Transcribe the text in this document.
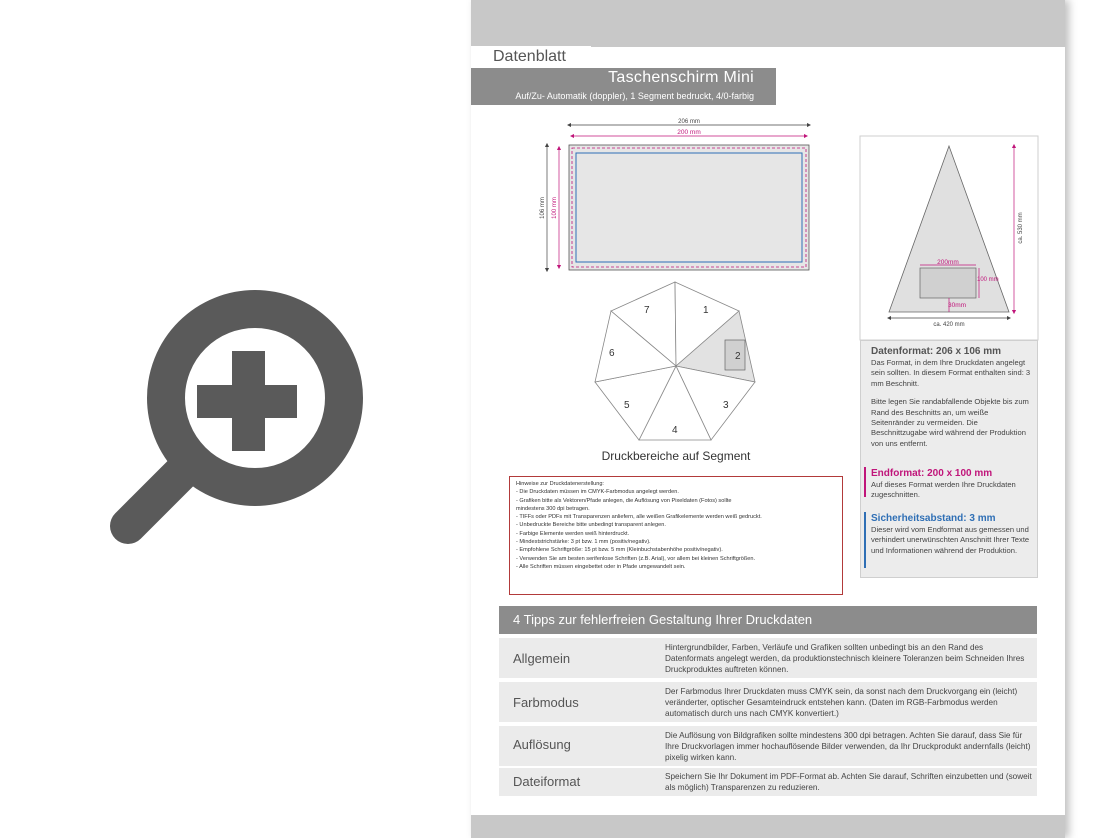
Datenblatt
Taschenschirm Mini
Auf/Zu- Automatik (doppler), 1 Segment bedruckt, 4/0-farbig
206 mm
200 mm
106 mm 100 mm
1
2
3
4
5
6
7
ca. 530 mm
ca. 420 mm
200mm
100 mm
30mm
Druckbereiche auf Segment
Hinweise zur Druckdatenerstellung:
- Die Druckdaten müssen im CMYK-Farbmodus angelegt werden.
- Grafiken bitte als Vektoren/Pfade anlegen, die Auflösung von Pixeldaten (Fotos) sollte
mindestens 300 dpi betragen.
- TIFFs oder PDFs mit Transparenzen anliefern, alle weißen Grafikelemente werden weiß gedruckt.
- Unbedruckte Bereiche bitte unbedingt transparent anlegen.
- Farbige Elemente werden weiß hinterdruckt.
- Mindeststrichstärke: 3 pt bzw. 1 mm (positiv/negativ).
- Empfohlene Schriftgröße: 15 pt bzw. 5 mm (Kleinbuchstabenhöhe positiv/negativ).
- Verwenden Sie am besten serifenlose Schriften (z.B. Arial), vor allem bei kleinen Schriftgrößen.
- Alle Schriften müssen eingebettet oder in Pfade umgewandelt sein.
Datenformat: 206 x 106 mm
Das Format, in dem Ihre Druckdaten angelegt sein sollten. In diesem Format enthalten sind: 3 mm Beschnitt.
Bitte legen Sie randabfallende Objekte bis zum Rand des Beschnitts an, um weiße Seitenränder zu vermeiden. Die Beschnittzugabe wird während der Produktion von uns entfernt.
Endformat: 200 x 100 mm
Auf dieses Format werden Ihre Druckdaten zugeschnitten.
Sicherheitsabstand: 3 mm
Dieser wird vom Endformat aus gemessen und verhindert unerwünschten Anschnitt Ihrer Texte und Informationen während der Produktion.
4 Tipps zur fehlerfreien Gestaltung Ihrer Druckdaten
Allgemein
Hintergrundbilder, Farben, Verläufe und Grafiken sollten unbedingt bis an den Rand des Datenformats angelegt werden, da produktionstechnisch kleinere Toleranzen beim Schneiden Ihres Druckproduktes auftreten können.
Farbmodus
Der Farbmodus Ihrer Druckdaten muss CMYK sein, da sonst nach dem Druckvorgang ein (leicht) veränderter, optischer Gesamteindruck entstehen kann. (Daten im RGB-Farbmodus werden automatisch durch uns nach CMYK konvertiert.)
Auflösung
Die Auflösung von Bildgrafiken sollte mindestens 300 dpi betragen. Achten Sie darauf, dass Sie für Ihre Druckvorlagen immer hochauflösende Bilder verwenden, da Ihr Druckprodukt andernfalls (leicht) pixelig wirken kann.
Dateiformat	Speichern Sie Ihr Dokument im PDF-Format ab. Achten Sie darauf, Schriften einzubetten und (soweit als möglich) Transparenzen zu reduzieren.
